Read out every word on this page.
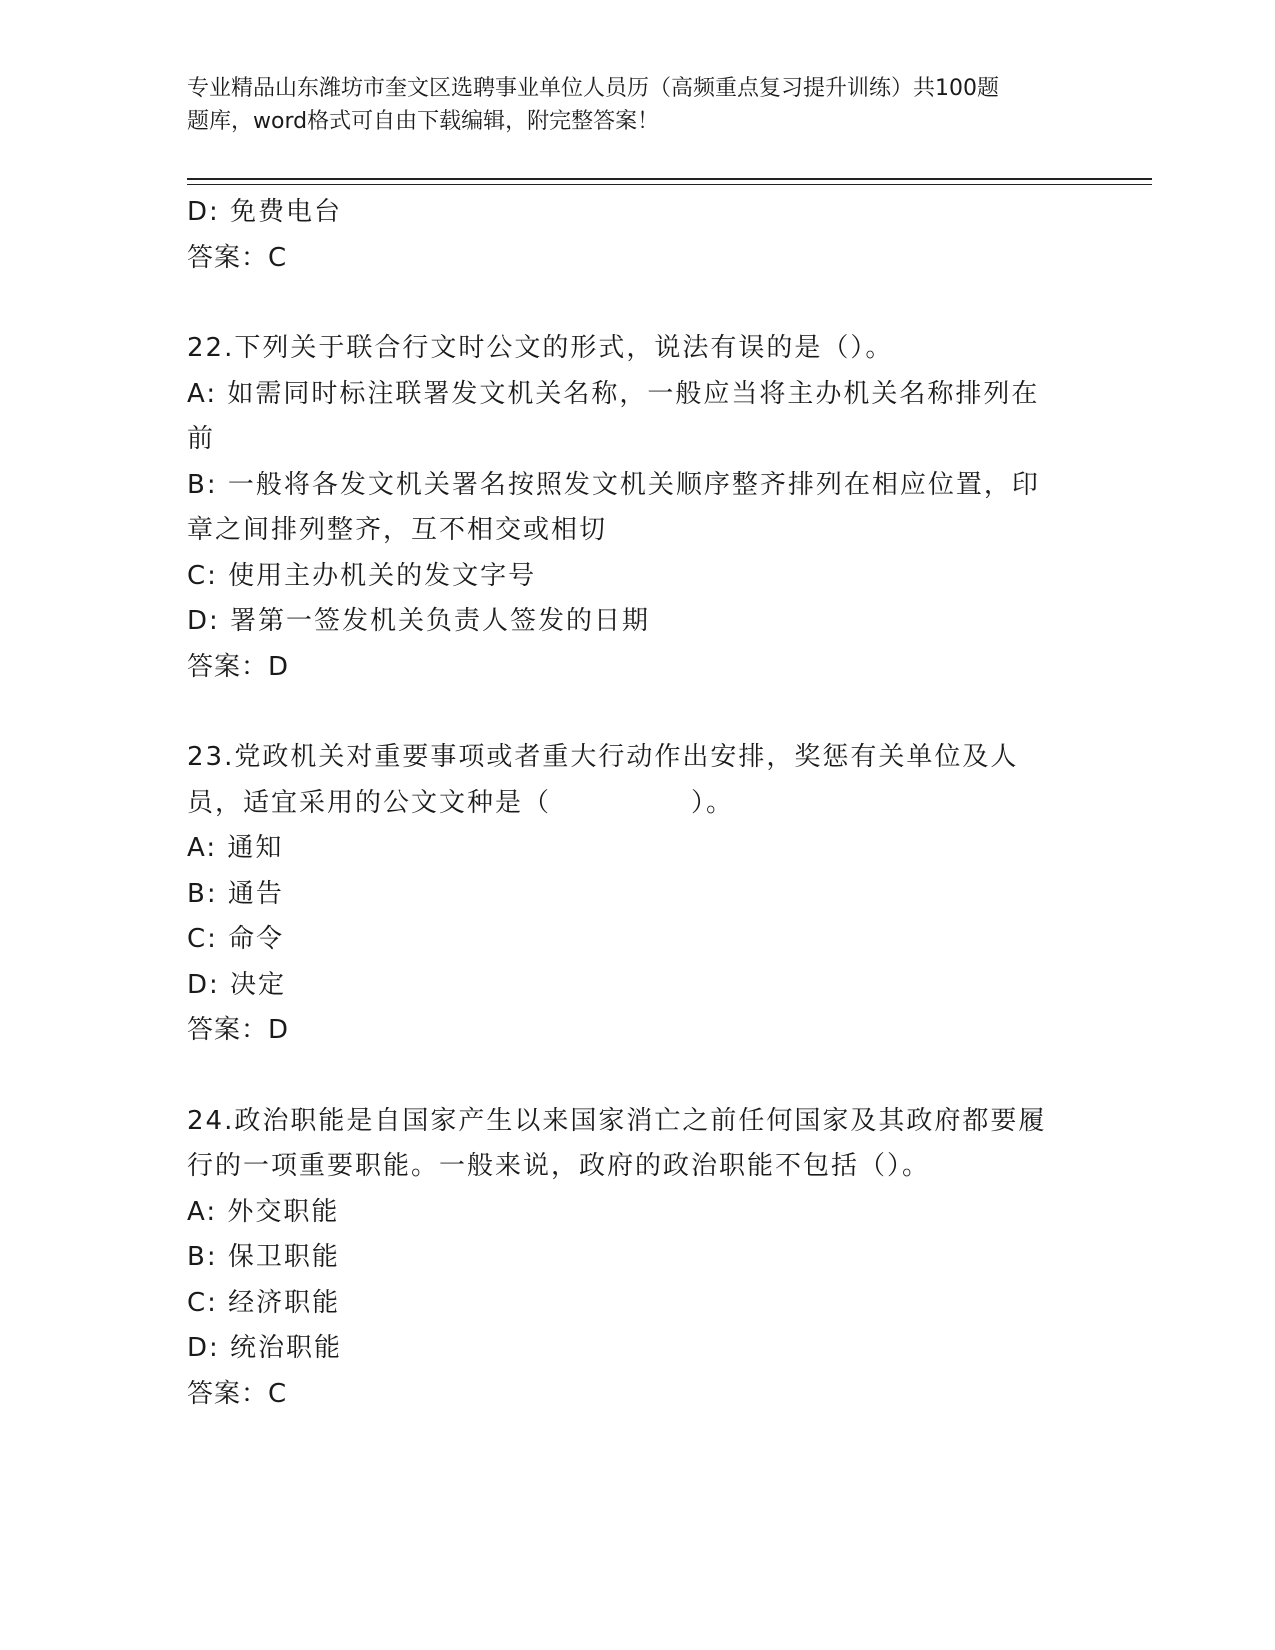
专业精品山东潍坊市奎文区选聘事业单位人员历（高频重点复习提升训练）共100题　　　　题库，word格式可自由下载编辑，附完整答案！
D: 免费电台
答案：C
22.下列关于联合行文时公文的形式，说法有误的是（）。
A: 如需同时标注联署发文机关名称，一般应当将主办机关名称排列在前
B: 一般将各发文机关署名按照发文机关顺序整齐排列在相应位置，印章之间排列整齐，互不相交或相切
C: 使用主办机关的发文字号
D: 署第一签发机关负责人签发的日期
答案：D
23.党政机关对重要事项或者重大行动作出安排，奖惩有关单位及人员，适宜采用的公文文种是（　　　　　）。
A: 通知
B: 通告
C: 命令
D: 决定
答案：D
24.政治职能是自国家产生以来国家消亡之前任何国家及其政府都要履行的一项重要职能。一般来说，政府的政治职能不包括（）。
A: 外交职能
B: 保卫职能
C: 经济职能
D: 统治职能
答案：C
